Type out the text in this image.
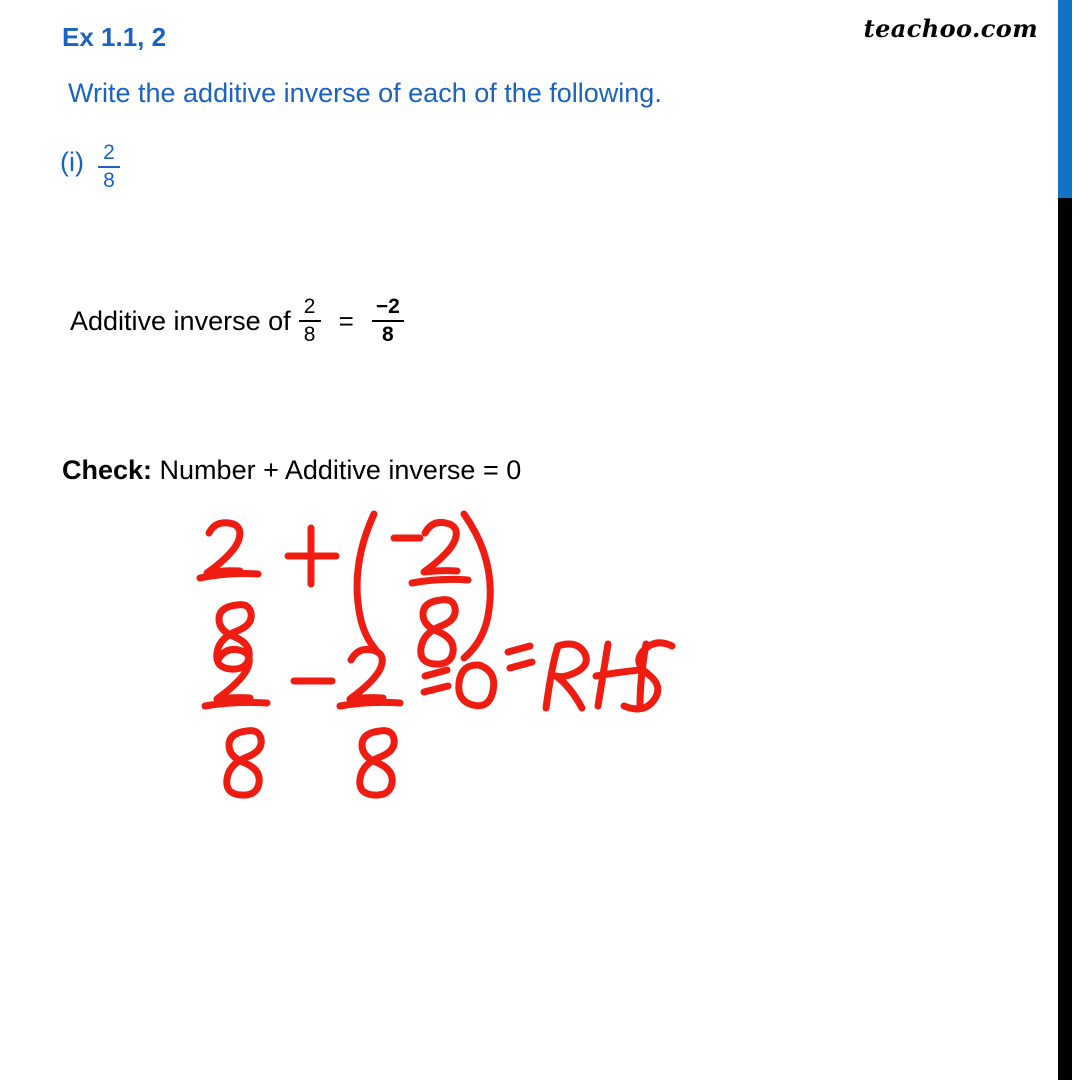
teachoo.com
Ex 1.1, 2
Write the additive inverse of each of the following.
$(i) \frac{2}{8}$
Additive inverse of $\frac{2}{8} = \frac{-2}{8}$
Check: Number + Additive inverse = 0
